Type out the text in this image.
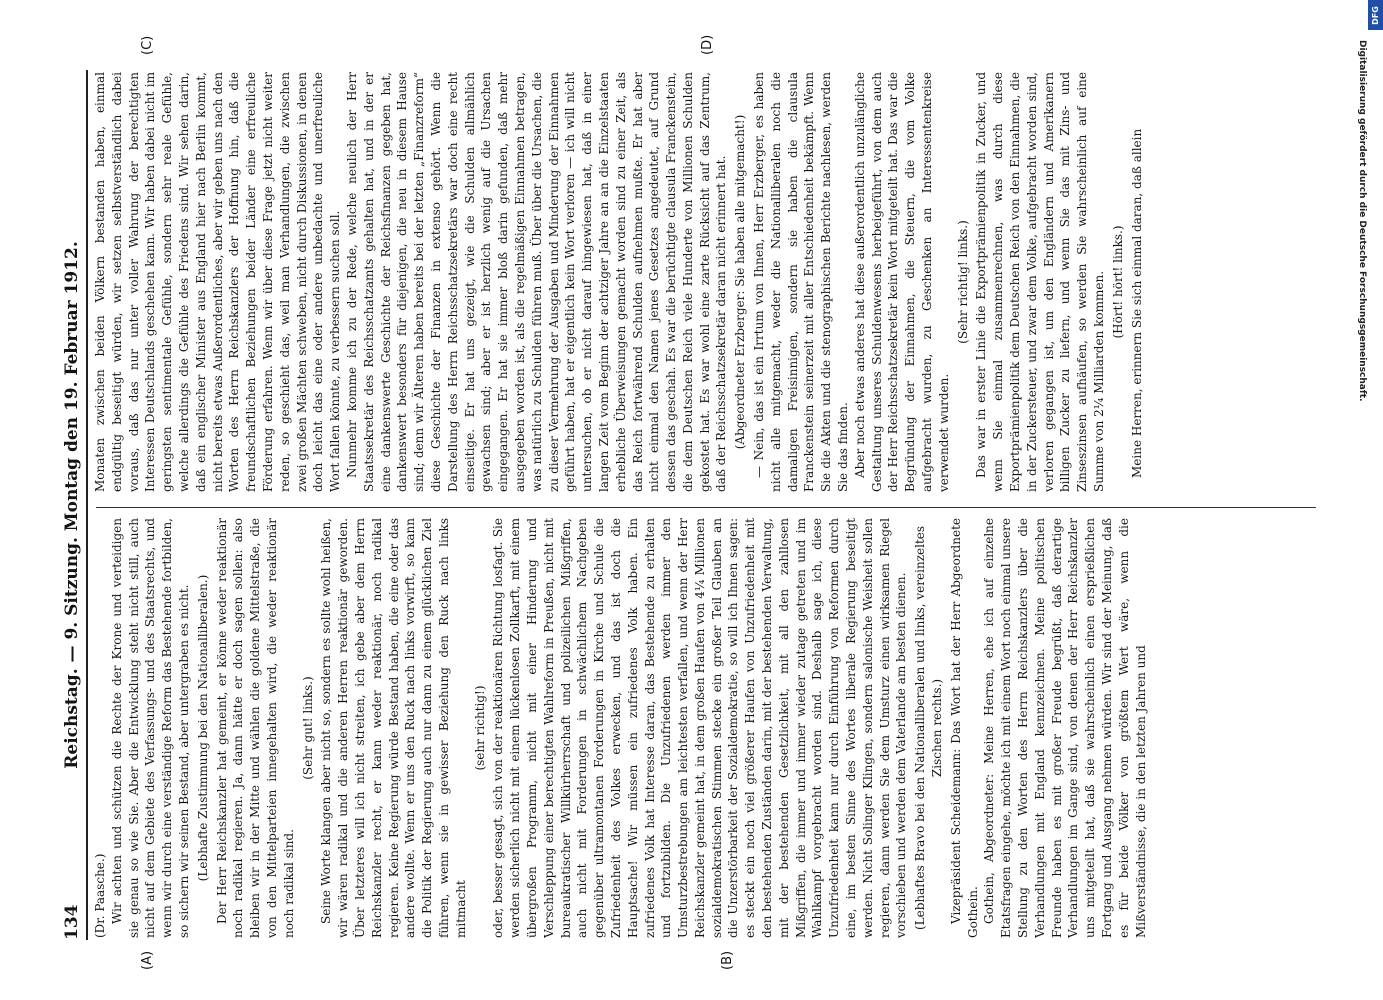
134
Reichstag. — 9. Sitzung. Montag den 19. Februar 1912.
(A)	(B)
(C)	(D)

(Dr. Paasche.) Wir achten und schützen die Rechte der Krone und verteidigen sie genau so wie Sie. Aber die Entwicklung steht nicht still, auch nicht auf dem Gebiete des Verfassungs- und des Staatsrechts, und wenn wir durch eine verständige Reform das Bestehende fortbilden, so sichern wir seinen Bestand, aber untergraben es nicht. (Lebhafte Zustimmung bei den Nationalliberalen.) Der Herr Reichskanzler hat gemeint, er könne weder reaktionär noch radikal regieren. Ja, dann hätte er doch sagen sollen: also bleiben wir in der Mitte und wählen die goldene Mittelstraße, die von den Mittelparteien innegehalten wird, die weder reaktionär noch radikal sind.

(Sehr gut! links.) Seine Worte klangen aber nicht so, sondern es sollte wohl heißen, wir wären radikal und die anderen Herren reaktionär geworden. Über letzteres will ich nicht streiten, ich gebe aber dem Herrn Reichskanzler recht, er kann weder reaktionär, noch radikal regieren. Keine Regierung würde Bestand haben, die eine oder das andere wollte. Wenn er uns den Ruck nach links vorwirft, so kann die Politik der Regierung auch nur dann zu einem glücklichen Ziel führen, wenn sie in gewisser Beziehung den Ruck nach links mitmacht

(sehr richtig!) oder, besser gesagt, sich von der reaktionären Richtung losfagt. Sie werden sicherlich nicht mit einem lückenlosen Zollkarft, mit einem übergroßen Programm, nicht mit einer Hinderung und Verschleppung einer berechtigten Wahlreform in Preußen, nicht mit bureaukratischer Willkürherrschaft und polizeilichen Mißgriffen, auch nicht mit Forderungen in schwächlichem Nachgeben gegenüber ultramontanen Forderungen in Kirche und Schule die Zufriedenheit des Volkes erwecken, und das ist doch die Hauptsache! Wir müssen ein zufriedenes Volk haben. Ein zufriedenes Volk hat Interesse daran, das Bestehende zu erhalten und fortzubilden. Die Unzufriedenen werden immer den Umsturzbestrebungen am leichtesten verfallen, und wenn der Herr Reichskanzler gemeint hat, in dem großen Haufen von 4¼ Millionen sozialdemokratischen Stimmen stecke ein großer Teil Glauben an die Unzerstörbarkeit der Sozialdemokratie, so will ich Ihnen sagen: es steckt ein noch viel größerer Haufen von Unzufriedenheit mit den bestehenden Zuständen darin, mit der bestehenden Verwaltung, mit der bestehenden Gesetzlichkeit, mit all den zahllosen Mißgriffen, die immer und immer wieder zutage getreten und im Wahlkampf vorgebracht worden sind. Deshalb sage ich, diese Unzufriedenheit kann nur durch Einführung von Reformen durch eine, im besten Sinne des Wortes liberale Regierung beseitigt werden. Nicht Solinger Klingen, sondern salonische Weisheit sollen regieren, dann werden Sie dem Umsturz einen wirksamen Riegel vorschieben und werden dem Vaterlande am besten dienen. (Lebhaftes Bravo bei den Nationalliberalen und links, vereinzeltes Zischen rechts.) Vizepräsident Scheidemann: Das Wort hat der Herr Abgeordnete Gothein. Gothein, Abgeordneter: Meine Herren, ehe ich auf einzelne Etatsfragen eingehe, möchte ich mit einem Wort noch einmal unsere Stellung zu den Worten des Herrn Reichskanzlers über die Verhandlungen mit England kennzeichnen. Meine politischen Freunde haben es mit großer Freude begrüßt, daß derartige Verhandlungen im Gange sind, von denen der Herr Reichskanzler uns mitgeteilt hat, daß sie wahrscheinlich einen ersprießlichen Fortgang und Ausgang nehmen würden. Wir sind der Meinung, daß es für beide Völker von größtem Wert wäre, wenn die Mißverständnisse, die in den letzten Jahren und

Monaten zwischen beiden Völkern bestanden haben, einmal endgültig beseitigt würden, wir setzen selbstverständlich dabei voraus, daß das nur unter voller Wahrung der berechtigten Interessen Deutschlands geschehen kann. Wir haben dabei nicht im geringsten sentimentale Gefühle, sondern sehr reale Gefühle, welche allerdings die Gefühle des Friedens sind. Wir sehen darin, daß ein englischer Minister aus England hier nach Berlin kommt, nicht bereits etwas Außerordentliches, aber wir geben uns nach den Worten des Herrn Reichskanzlers der Hoffnung hin, daß die freundschaftlichen Beziehungen beider Länder eine erfreuliche Förderung erfahren. Wenn wir über diese Frage jetzt nicht weiter reden, so geschieht das, weil man Verhandlungen, die zwischen zwei großen Mächten schweben, nicht durch Diskussionen, in denen doch leicht das eine oder andere unbedachte und unerfreuliche Wort fallen könnte, zu verbessern suchen soll. Nunmehr komme ich zu der Rede, welche neulich der Herr Staatssekretär des Reichsschatzamts gehalten hat, und in der er eine dankenswerte Geschichte der Reichsfinanzen gegeben hat, dankenswert besonders für diejenigen, die neu in diesem Hause sind; denn wir Älteren haben bereits bei der letzten „Finanzreform“ diese Geschichte der Finanzen in extenso gehört. Wenn die Darstellung des Herrn Reichsschatzsekretärs war doch eine recht einseitige. Er hat uns gezeigt, wie die Schulden allmählich gewachsen sind; aber er ist herzlich wenig auf die Ursachen eingegangen. Er hat sie immer bloß darin gefunden, daß mehr ausgegeben worden ist, als die regelmäßigen Einnahmen betragen, was natürlich zu Schulden führen muß. Über über die Ursachen, die zu dieser Vermehrung der Ausgaben und Minderung der Einnahmen geführt haben, hat er eigentlich kein Wort verloren — ich will nicht untersuchen, ob er nicht darauf hingewiesen hat, daß in einer langen Zeit vom Beginn der achtziger Jahre an an die Einzelstaaten erhebliche Überweisungen gemacht worden sind zu einer Zeit, als das Reich fortwährend Schulden aufnehmen mußte. Er hat aber nicht einmal den Namen jenes Gesetzes angedeutet, auf Grund dessen das geschah. Es war die berüchtigte clausula Franckenstein, die dem Deutschen Reich viele Hunderte von Millionen Schulden gekostet hat. Es war wohl eine zarte Rücksicht auf das Zentrum, daß der Reichsschatzsekretär daran nicht erinnert hat. (Abgeordneter Erzberger: Sie haben alle mitgemacht!) — Nein, das ist ein Irrtum von Ihnen, Herr Erzberger, es haben nicht alle mitgemacht, weder die Nationalliberalen noch die damaligen Freisinnigen, sondern sie haben die clausula Franckenstein seinerzeit mit aller Entschiedenheit bekämpft. Wenn Sie die Akten und die stenographischen Berichte nachlesen, werden Sie das finden. Aber noch etwas anderes hat diese außerordentlich unzulängliche Gestaltung unseres Schuldenwesens herbeigeführt, von dem auch der Herr Reichsschatzsekretär kein Wort mitgeteilt hat. Das war die Begründung der Einnahmen, die Steuern, die vom Volke aufgebracht wurden, zu Geschenken an Interessentenkreise verwendet wurden.

(Sehr richtig! links.) Das war in erster Linie die Exportprämienpolitik in Zucker, und wenn Sie einmal zusammenrechnen, was durch diese Exportprämienpolitik dem Deutschen Reich von den Einnahmen, die in der Zuckersteuer, und zwar dem Volke, aufgebracht worden sind, verloren gegangen ist, um den Engländern und Amerikanern billigen Zucker zu liefern, und wenn Sie das mit Zins- und Zinseszinsen aufhäufen, so werden Sie wahrscheinlich auf eine Summe von 2¼ Milliarden kommen. (Hört! hört! links.) Meine Herren, erinnern Sie sich einmal daran, daß allein

DFG
Digitalisierung gefördert durch die Deutsche Forschungsgemeinschaft.
